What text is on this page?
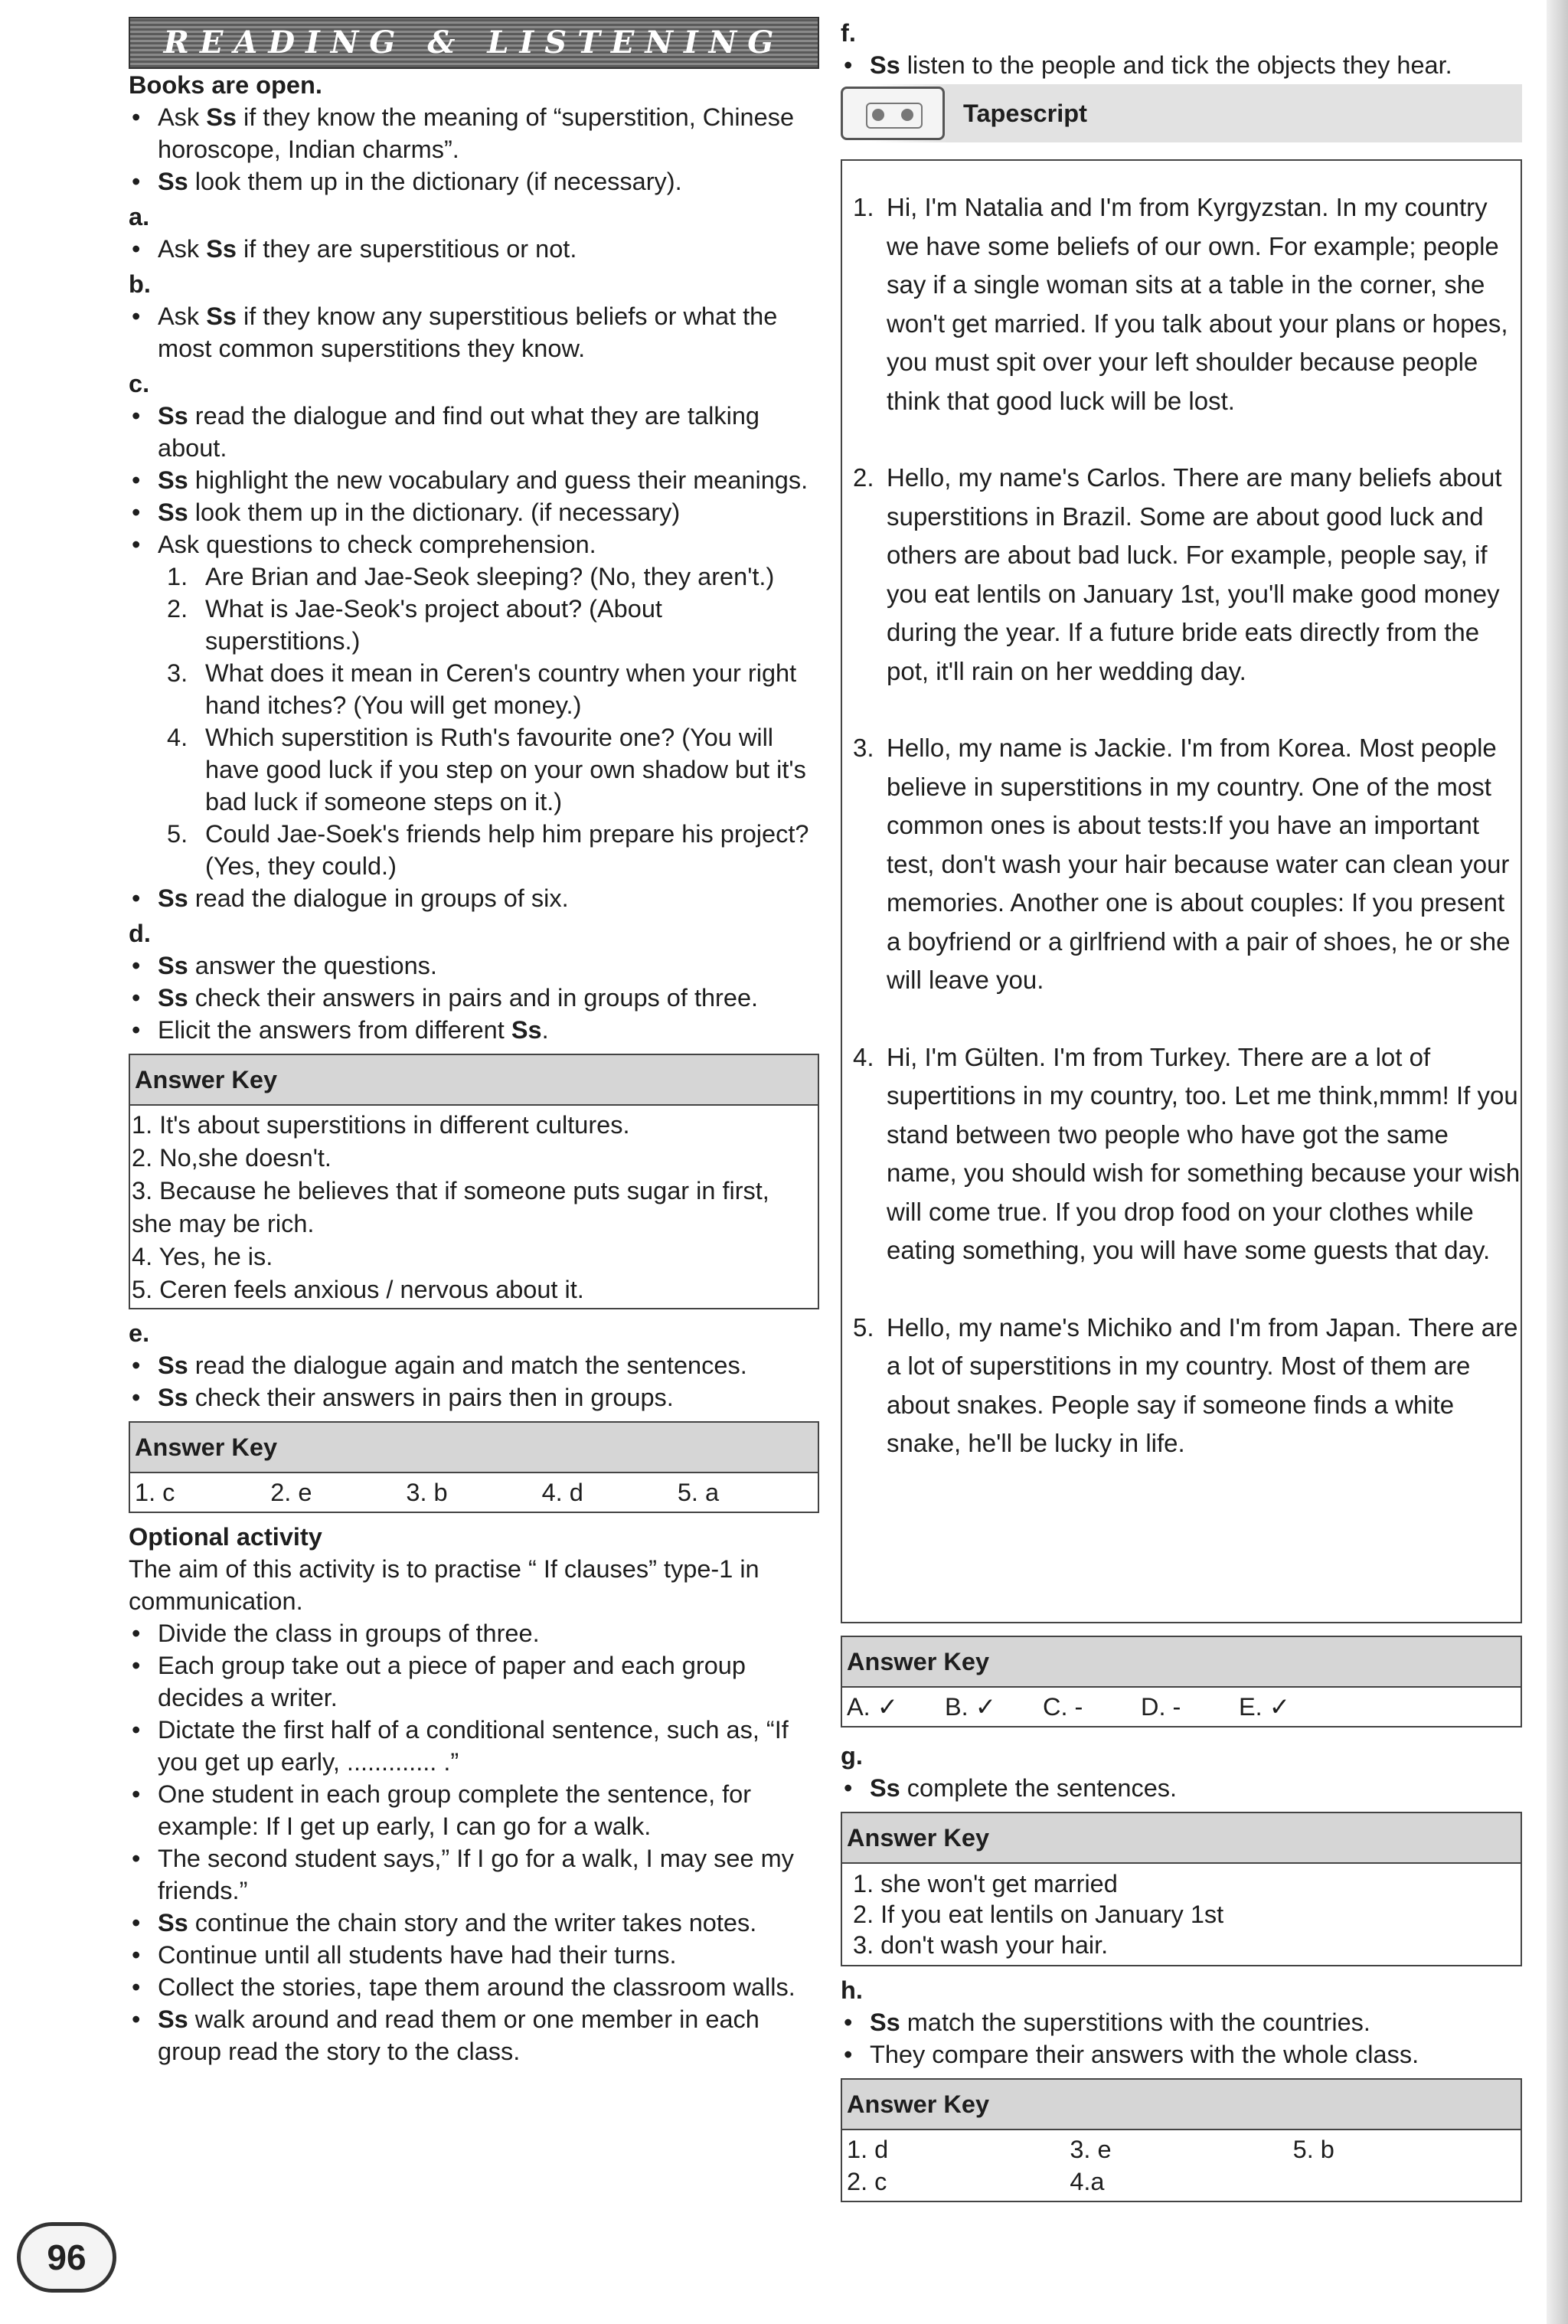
READING & LISTENING

Books are open.

• Ask Ss if they know the meaning of “superstition, Chinese horoscope, Indian charms”.
• Ss look them up in the dictionary (if necessary).

a.

• Ask Ss if they are superstitious or not.

b.

• Ask Ss if they know any superstitious beliefs or what the most common superstitions they know.

c.

• Ss read the dialogue and find out what they are talking about.
• Ss highlight the new vocabulary and guess their meanings.
• Ss look them up in the dictionary. (if necessary)
• Ask questions to check comprehension.
1. Are Brian and Jae-Seok sleeping? (No, they aren't.)
2. What is Jae-Seok's project about? (About superstitions.)
3. What does it mean in Ceren's country when your right hand itches? (You will get money.)
4. Which superstition is Ruth's favourite one? (You will have good luck if you step on your own shadow but it's bad luck if someone steps on it.)
5. Could Jae-Soek's friends help him prepare his project? (Yes, they could.)
• Ss read the dialogue in groups of six.

d.

• Ss answer the questions.
• Ss check their answers in pairs and in groups of three.
• Elicit the answers from different Ss.
Answer Key
1. It's about superstitions in different cultures.
2. No,she doesn't.
3. Because he believes that if someone puts sugar in first, she may be rich.
4. Yes, he is.
5. Ceren feels anxious / nervous about it.

e.

• Ss read the dialogue again and match the sentences.
• Ss check their answers in pairs then in groups.
Answer Key
1. c	2. e	3. b	4. d	5. a

Optional activity

The aim of this activity is to practise “ If clauses” type-1 in communication.

• Divide the class in groups of three.
• Each group take out a piece of paper and each group decides a writer.
• Dictate the first half of a conditional sentence, such as, “If you get up early, ............. .”
• One student in each group complete the sentence, for example: If I get up early, I can go for a walk.
• The second student says,” If I go for a walk, I may see my friends.”
• Ss continue the chain story and the writer takes notes.
• Continue until all students have had their turns.
• Collect the stories, tape them around the classroom walls.
• Ss walk around and read them or one member in each group read the story to the class.

f.

• Ss listen to the people and tick the objects they hear.
Tapescript
1. Hi, I'm Natalia and I'm from Kyrgyzstan. In my country we have some beliefs of our own. For example; people say if a single woman sits at a table in the corner, she won't get married. If you talk about your plans or hopes, you must spit over your left shoulder because people think that good luck will be lost.
2. Hello, my name's Carlos. There are many beliefs about superstitions in Brazil. Some are about good luck and others are about bad luck. For example, people say, if you eat lentils on January 1st, you'll make good money during the year. If a future bride eats directly from the pot, it'll rain on her wedding day.
3. Hello, my name is Jackie. I'm from Korea. Most people believe in superstitions in my country. One of the most common ones is about tests:If you have an important test, don't wash your hair because water can clean your memories. Another one is about couples: If you present a boyfriend or a girlfriend with a pair of shoes, he or she will leave you.
4. Hi, I'm Gülten. I'm from Turkey. There are a lot of supertitions in my country, too. Let me think,mmm! If you stand between two people who have got the same name, you should wish for something because your wish will come true. If you drop food on your clothes while eating something, you will have some guests that day.
5. Hello, my name's Michiko and I'm from Japan. There are a lot of superstitions in my country. Most of them are about snakes. People say if someone finds a white snake, he'll be lucky in life.
Answer Key
A. ✓	B. ✓	C. -	D. -	E. ✓

g.

• Ss complete the sentences.
Answer Key
1. she won't get married
2. If you eat lentils on January 1st
3. don't wash your hair.

h.

• Ss match the superstitions with the countries.
• They compare their answers with the whole class.
Answer Key
1. d	3. e	5. b
2. c	4.a
96
